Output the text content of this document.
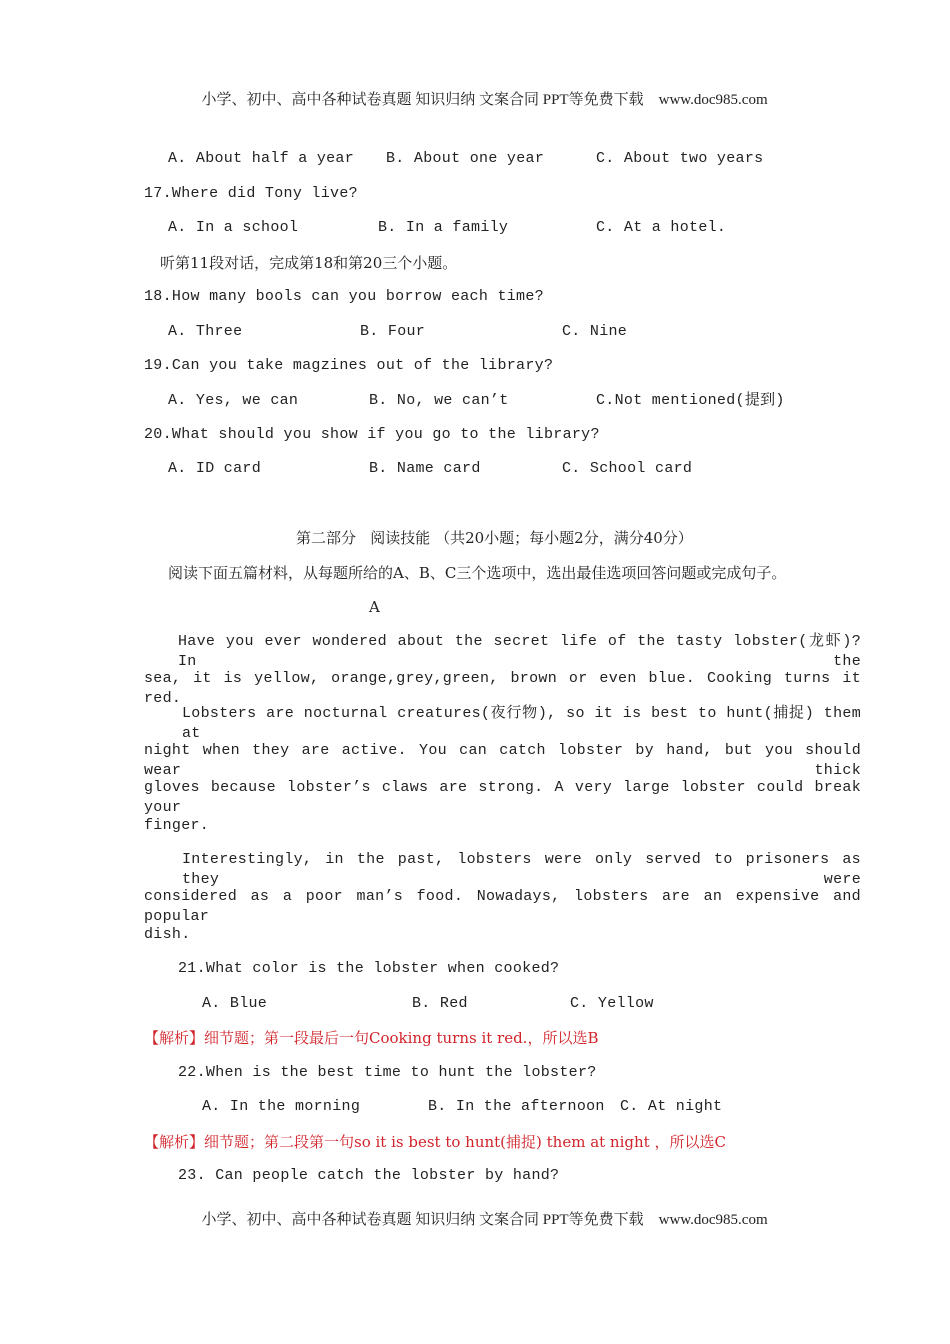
小学、初中、高中各种试卷真题 知识归纳 文案合同 PPT等免费下载 www.doc985.com

A. About half a year B. About one year	C. About two years
17.Where did Tony live?
A. In a school	B. In a family	C. At a hotel.
听第11段对话，完成第18和第20三个小题。
18.How many bools can you borrow each time?
A. Three	B. Four	C. Nine
19.Can you take magzines out of the library?
A. Yes, we can	B. No, we can’t	C.Not mentioned(提到)
20.What should you show if you go to the library?
A. ID card	B. Name card	C. School card
第二部分   阅读技能 （共20小题；每小题2分，满分40分）
阅读下面五篇材料，从每题所给的A、B、C三个选项中，选出最佳选项回答问题或完成句子。
A
Have you ever wondered about the secret life of the tasty lobster(龙虾)? In the
sea, it is yellow, orange,grey,green, brown or even blue. Cooking turns it red.
Lobsters are nocturnal creatures(夜行物), so it is best to hunt(捕捉) them at
night when they are active. You can catch lobster by hand, but you should wear thick
gloves because lobster’s claws are strong. A very large lobster could break your
finger.
Interestingly, in the past, lobsters were only served to prisoners as they were
considered as a poor man’s food. Nowadays, lobsters are an expensive and popular
dish.
21.What color is the lobster when cooked?
A. Blue	B. Red	C. Yellow
【解析】细节题；第一段最后一句Cooking turns it red.，所以选B
22.When is the best time to hunt the lobster?
A. In the morning	B. In the afternoon C. At night
【解析】细节题；第二段第一句so it is best to hunt(捕捉) them at night ，所以选C
23. Can people catch the lobster by hand?

小学、初中、高中各种试卷真题 知识归纳 文案合同 PPT等免费下载 www.doc985.com
